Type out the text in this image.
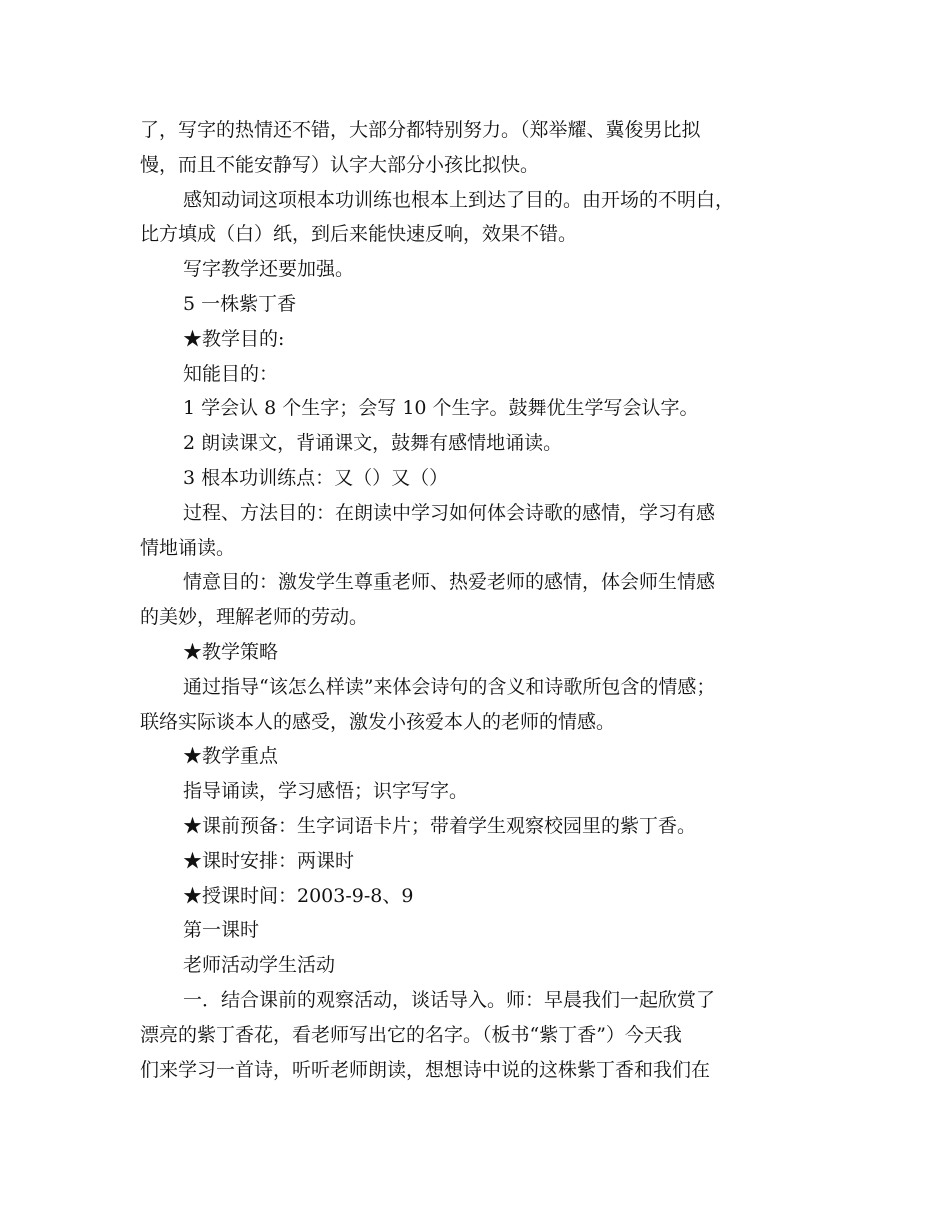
了，写字的热情还不错，大部分都特别努力。（郑举耀、冀俊男比拟
慢，而且不能安静写）认字大部分小孩比拟快。
感知动词这项根本功训练也根本上到达了目的。由开场的不明白，
比方填成（白）纸，到后来能快速反响，效果不错。
写字教学还要加强。
5 一株紫丁香
★教学目的:
知能目的：
1 学会认 8 个生字；会写 10 个生字。鼓舞优生学写会认字。
2 朗读课文，背诵课文，鼓舞有感情地诵读。
3 根本功训练点：又（）又（）
过程、方法目的：在朗读中学习如何体会诗歌的感情，学习有感
情地诵读。
情意目的：激发学生尊重老师、热爱老师的感情，体会师生情感
的美妙，理解老师的劳动。
★教学策略
通过指导“该怎么样读”来体会诗句的含义和诗歌所包含的情感；
联络实际谈本人的感受，激发小孩爱本人的老师的情感。
★教学重点
指导诵读，学习感悟；识字写字。
★课前预备：生字词语卡片；带着学生观察校园里的紫丁香。
★课时安排：两课时
★授课时间：2003-9-8、9
第一课时
老师活动学生活动
一．结合课前的观察活动，谈话导入。师：早晨我们一起欣赏了
漂亮的紫丁香花，看老师写出它的名字。（板书“紫丁香”）今天我
们来学习一首诗，听听老师朗读，想想诗中说的这株紫丁香和我们在
